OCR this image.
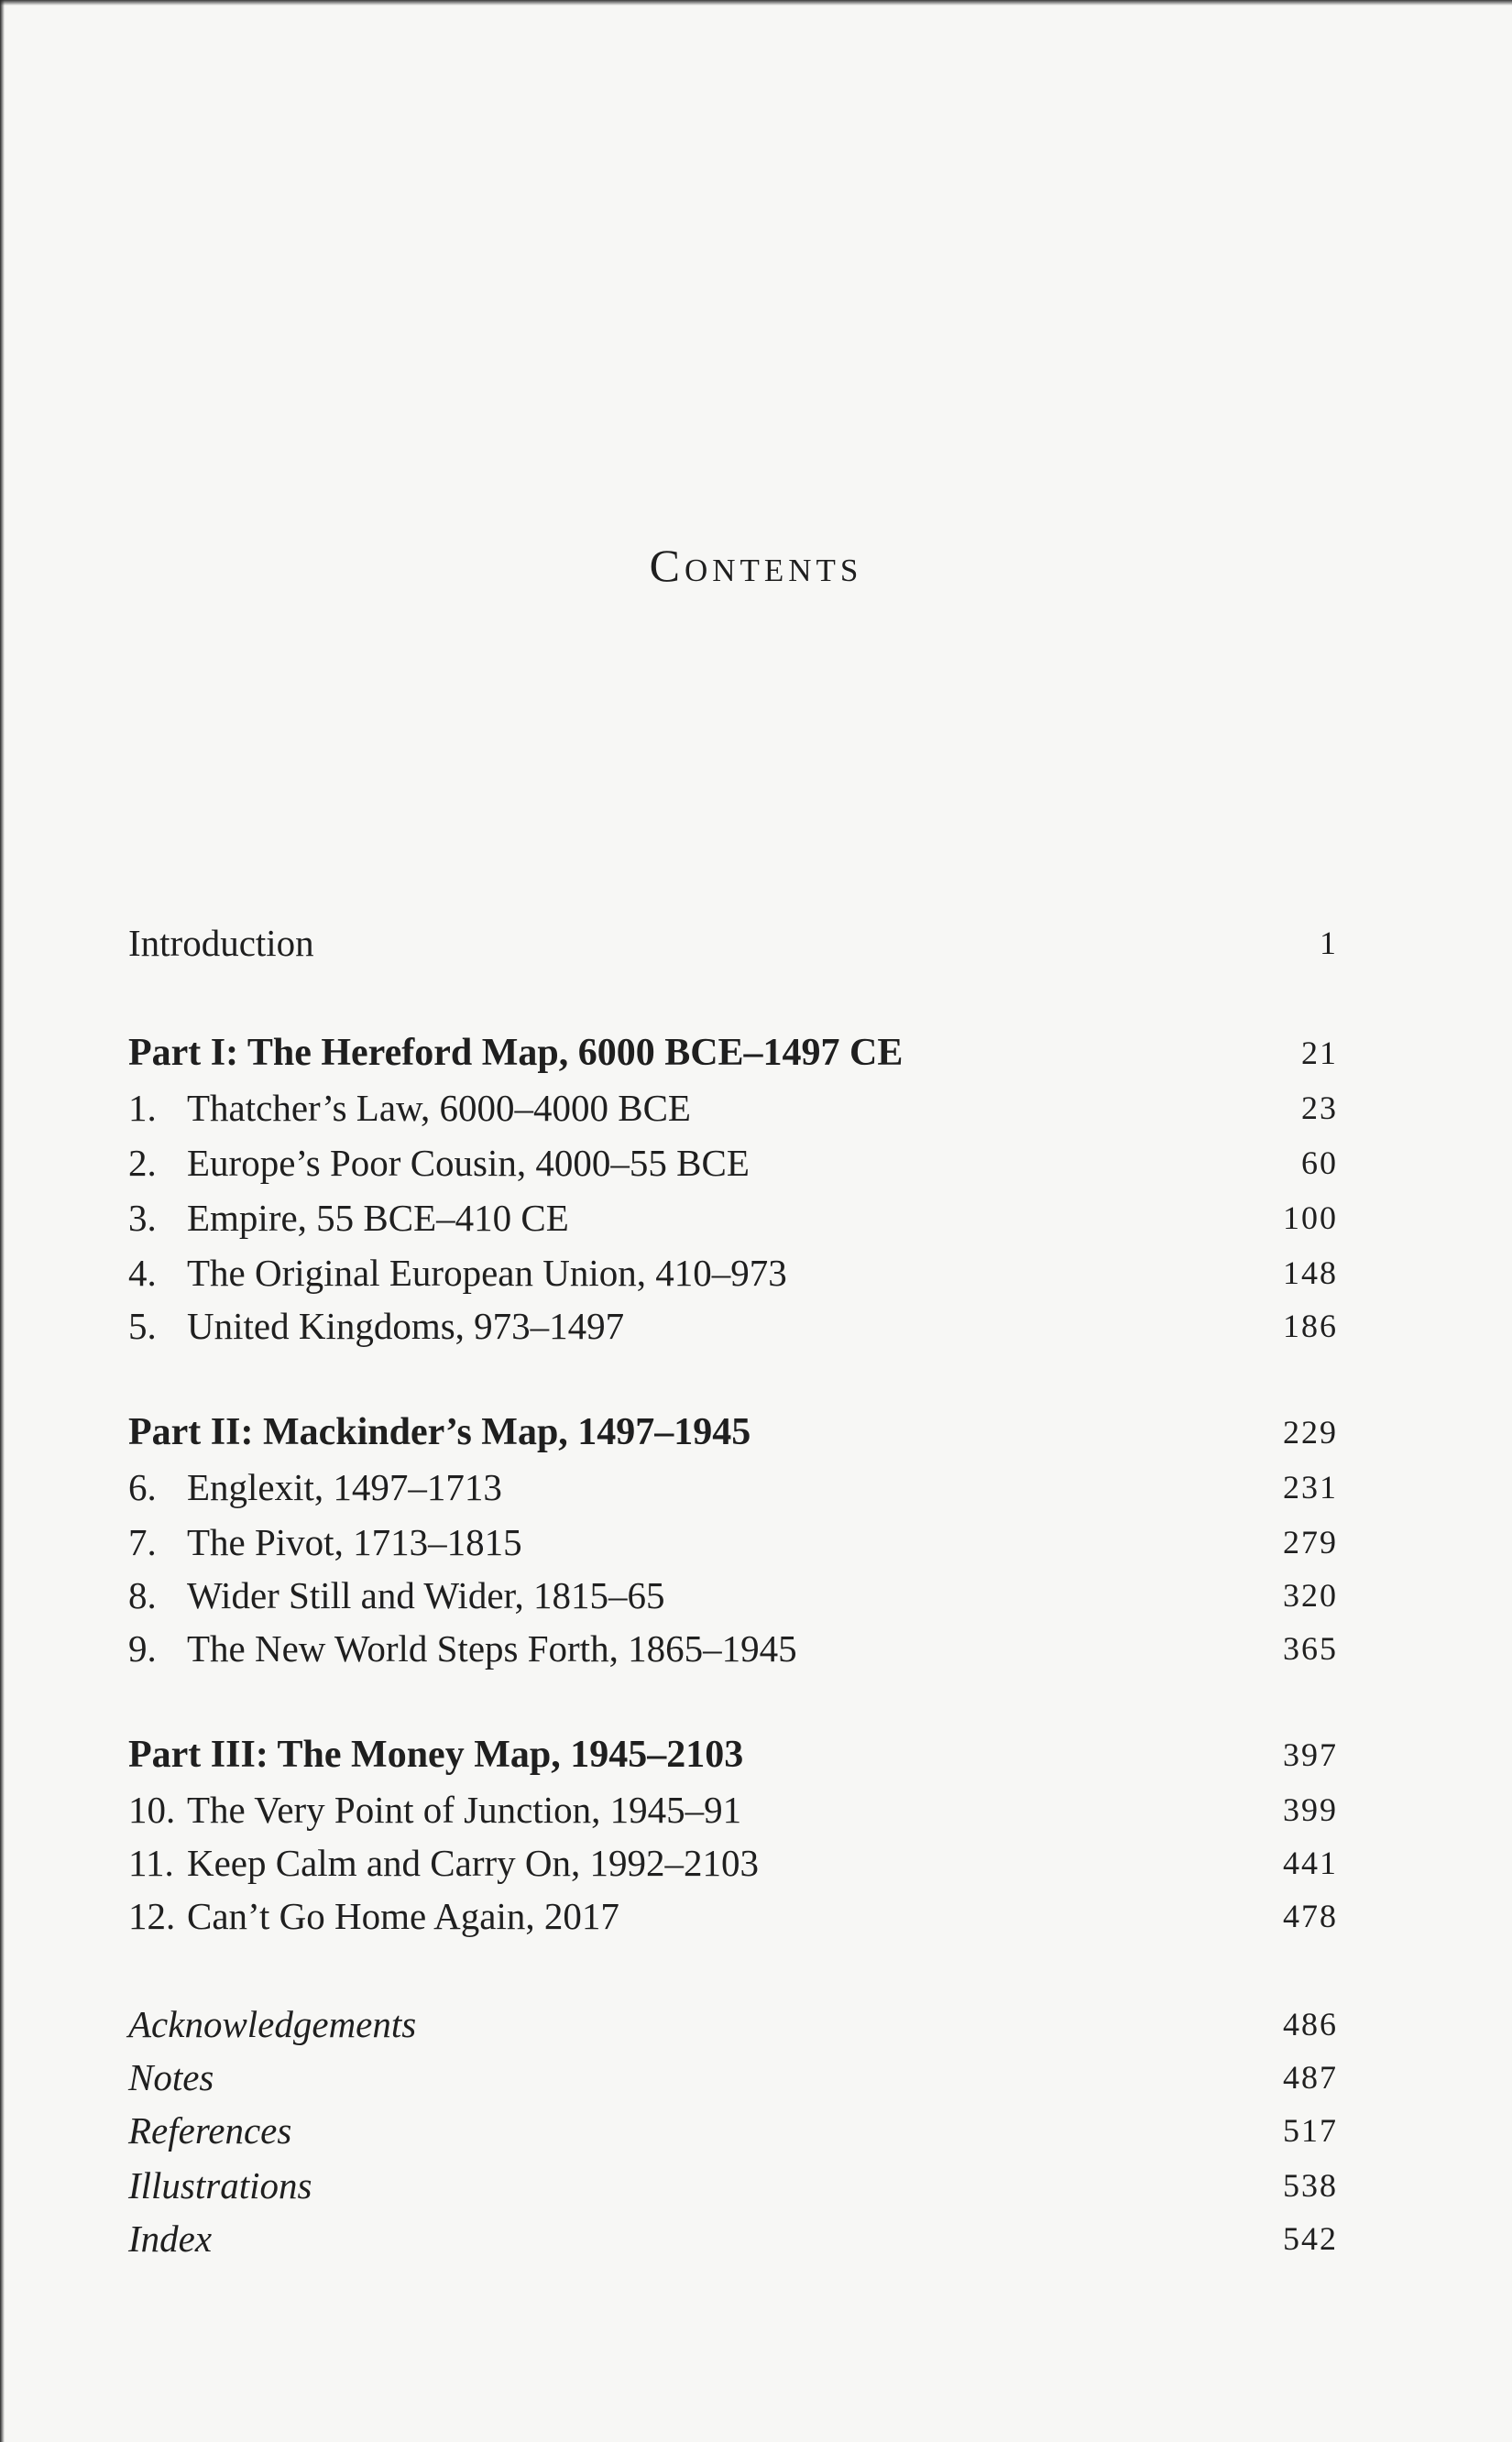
Contents
Introduction	1
Part I: The Hereford Map, 6000 BCE–1497 CE	21
1. Thatcher’s Law, 6000–4000 BCE	23
2. Europe’s Poor Cousin, 4000–55 BCE	60
3. Empire, 55 BCE–410 CE	100
4. The Original European Union, 410–973	148
5. United Kingdoms, 973–1497	186
Part II: Mackinder’s Map, 1497–1945	229
6. Englexit, 1497–1713	231
7. The Pivot, 1713–1815	279
8. Wider Still and Wider, 1815–65	320
9. The New World Steps Forth, 1865–1945	365
Part III: The Money Map, 1945–2103	397
10. The Very Point of Junction, 1945–91	399
11. Keep Calm and Carry On, 1992–2103	441
12. Can’t Go Home Again, 2017	478
Acknowledgements	486
Notes	487
References	517
Illustrations	538
Index	542
